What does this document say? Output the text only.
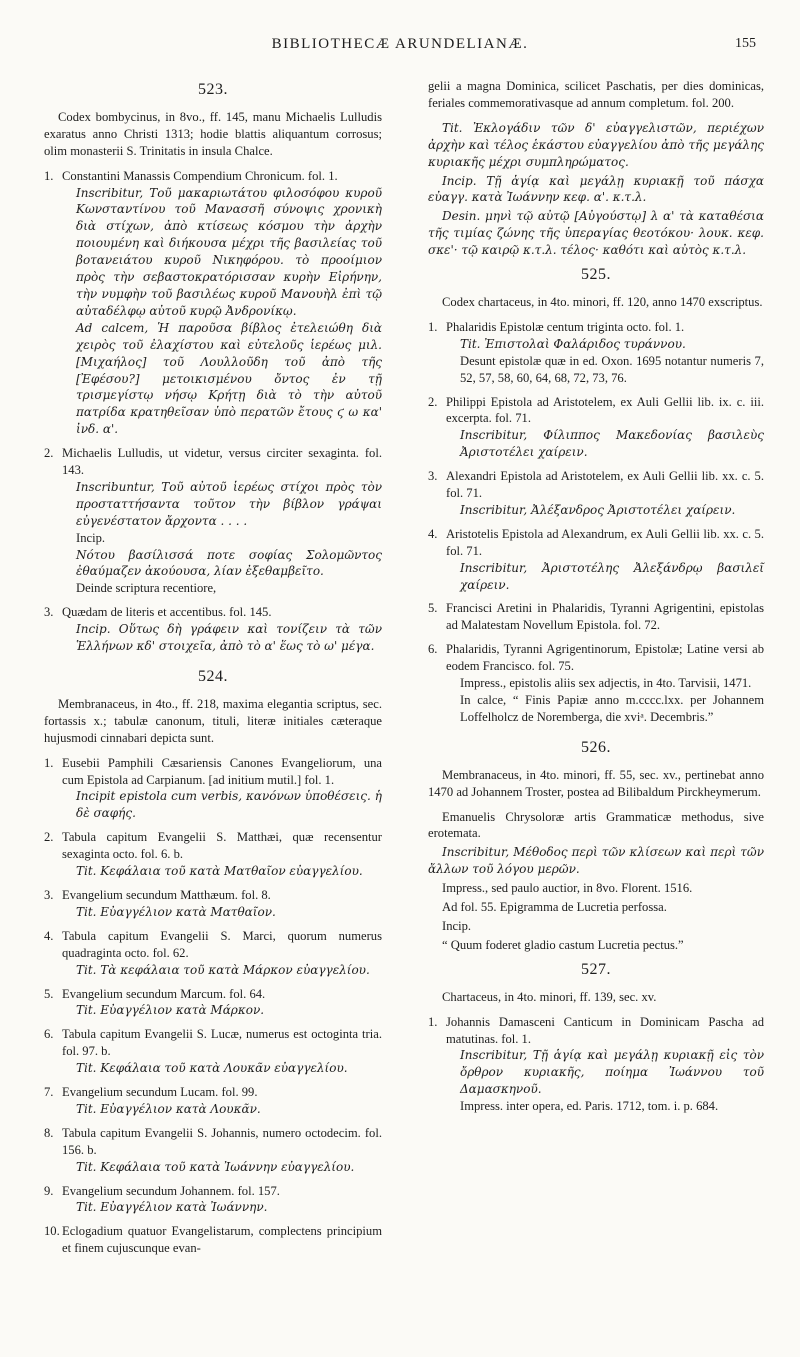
BIBLIOTHECÆ ARUNDELIANÆ.	155
523.

Codex bombycinus, in 8vo., ff. 145, manu Michaelis Lulludis exaratus anno Christi 1313; hodie blattis aliquantum corrosus; olim monasterii S. Trinitatis in insula Chalce.

1. Constantini Manassis Compendium Chronicum. fol. 1.
Inscribitur, Τοῦ μακαριωτάτου φιλοσόφου κυροῦ Κωνσταντίνου τοῦ Μανασσῆ σύνοψις χρονικὴ διὰ στίχων, ἀπὸ κτίσεως κόσμου τὴν ἀρχὴν ποιουμένη καὶ διήκουσα μέχρι τῆς βασιλείας τοῦ βοτανειάτου κυροῦ Νικηφόρου. τὸ προοίμιον πρὸς τὴν σεβαστοκρατόρισσαν κυρὴν Εἰρήνην, τὴν νυμφὴν τοῦ βασιλέως κυροῦ Μανουὴλ ἐπὶ τῷ αὐταδέλφῳ αὐτοῦ κυρῷ Ἀνδρονίκῳ.
Ad calcem, Ἡ παροῦσα βίβλος ἐτελειώθη διὰ χειρὸς τοῦ ἐλαχίστου καὶ εὐτελοῦς ἱερέως μιλ. [Μιχαήλος] τοῦ Λουλλοῦδη τοῦ ἀπὸ τῆς [Ἐφέσου?] μετοικισμένου ὄντος ἐν τῇ τρισμεγίστῳ νήσῳ Κρήτῃ διὰ τὸ τὴν αὐτοῦ πατρίδα κρατηθεῖσαν ὑπὸ περατῶν ἔτους ϛ ω κα' ἰνδ. α'.
2. Michaelis Lulludis, ut videtur, versus circiter sexaginta. fol. 143.
Inscribuntur, Τοῦ αὐτοῦ ἱερέως στίχοι πρὸς τὸν προσταττήσαντα τοῦτον τὴν βίβλον γράψαι εὐγενέστατον ἄρχοντα . . . .
Incip.
Νότου βασίλισσά ποτε σοφίας Σολομῶντος ἐθαύμαζεν ἀκούουσα, λίαν ἐξεθαμβεῖτο.
Deinde scriptura recentiore,
3. Quædam de literis et accentibus. fol. 145.
Incip. Οὕτως δὴ γράφειν καὶ τονίζειν τὰ τῶν Ἑλλήνων κδ' στοιχεῖα, ἀπὸ τὸ α' ἕως τὸ ω' μέγα.
524.

Membranaceus, in 4to., ff. 218, maxima elegantia scriptus, sec. fortassis x.; tabulæ canonum, tituli, literæ initiales cæteraque hujusmodi cinnabari depicta sunt.

1. Eusebii Pamphili Cæsariensis Canones Evangeliorum, una cum Epistola ad Carpianum. [ad initium mutil.] fol. 1.
Incipit epistola cum verbis, κανόνων ὑποθέσεις. ἡ δὲ σαφής.
2. Tabula capitum Evangelii S. Matthæi, quæ recensentur sexaginta octo. fol. 6. b.
Tit. Κεφάλαια τοῦ κατὰ Ματθαῖον εὐαγγελίου.
3. Evangelium secundum Matthæum. fol. 8.
Tit. Εὐαγγέλιον κατὰ Ματθαῖον.
4. Tabula capitum Evangelii S. Marci, quorum numerus quadraginta octo. fol. 62.
Tit. Τὰ κεφάλαια τοῦ κατὰ Μάρκον εὐαγγελίου.
5. Evangelium secundum Marcum. fol. 64.
Tit. Εὐαγγέλιον κατὰ Μάρκον.
6. Tabula capitum Evangelii S. Lucæ, numerus est octoginta tria. fol. 97. b.
Tit. Κεφάλαια τοῦ κατὰ Λουκᾶν εὐαγγελίου.
7. Evangelium secundum Lucam. fol. 99.
Tit. Εὐαγγέλιον κατὰ Λουκᾶν.
8. Tabula capitum Evangelii S. Johannis, numero octodecim. fol. 156. b.
Tit. Κεφάλαια τοῦ κατὰ Ἰωάννην εὐαγγελίου.
9. Evangelium secundum Johannem. fol. 157.
Tit. Εὐαγγέλιον κατὰ Ἰωάννην.
10. Eclogadium quatuor Evangelistarum, complectens principium et finem cujuscunque evan-

gelii a magna Dominica, scilicet Paschatis, per dies dominicas, feriales commemorativasque ad annum completum. fol. 200.

Tit. Ἐκλογάδιν τῶν δ' εὐαγγελιστῶν, περιέχων ἀρχὴν καὶ τέλος ἑκάστου εὐαγγελίου ἀπὸ τῆς μεγάλης κυριακῆς μέχρι συμπληρώματος.

Incip. Τῇ ἁγίᾳ καὶ μεγάλῃ κυριακῇ τοῦ πάσχα εὐαγγ. κατὰ Ἰωάννην κεφ. α'. κ.τ.λ.

Desin. μηνὶ τῷ αὐτῷ [Αὐγούστῳ] λ α' τὰ καταθέσια τῆς τιμίας ζώνης τῆς ὑπεραγίας θεοτόκου· λουκ. κεφ. σκε'· τῷ καιρῷ κ.τ.λ. τέλος· καθότι καὶ αὐτὸς κ.τ.λ.

525.

Codex chartaceus, in 4to. minori, ff. 120, anno 1470 exscriptus.

1. Phalaridis Epistolæ centum triginta octo. fol. 1.
Tit. Ἐπιστολαὶ Φαλάριδος τυράννου.
Desunt epistolæ quæ in ed. Oxon. 1695 notantur numeris 7, 52, 57, 58, 60, 64, 68, 72, 73, 76.
2. Philippi Epistola ad Aristotelem, ex Auli Gellii lib. ix. c. iii. excerpta. fol. 71.
Inscribitur, Φίλιππος Μακεδονίας βασιλεὺς Ἀριστοτέλει χαίρειν.
3. Alexandri Epistola ad Aristotelem, ex Auli Gellii lib. xx. c. 5. fol. 71.
Inscribitur, Ἀλέξανδρος Ἀριστοτέλει χαίρειν.
4. Aristotelis Epistola ad Alexandrum, ex Auli Gellii lib. xx. c. 5. fol. 71.
Inscribitur, Ἀριστοτέλης Ἀλεξάνδρῳ βασιλεῖ χαίρειν.
5. Francisci Aretini in Phalaridis, Tyranni Agrigentini, epistolas ad Malatestam Novellum Epistola. fol. 72.
6. Phalaridis, Tyranni Agrigentinorum, Epistolæ; Latine versi ab eodem Francisco. fol. 75.
Impress., epistolis aliis sex adjectis, in 4to. Tarvisii, 1471.
In calce, “ Finis Papiæ anno m.cccc.lxx. per Johannem Loffelholcz de Noremberga, die xviᵃ. Decembris.”
526.

Membranaceus, in 4to. minori, ff. 55, sec. xv., pertinebat anno 1470 ad Johannem Troster, postea ad Bilibaldum Pirckheymerum.

Emanuelis Chrysoloræ artis Grammaticæ methodus, sive erotemata.

Inscribitur, Μέθοδος περὶ τῶν κλίσεων καὶ περὶ τῶν ἄλλων τοῦ λόγου μερῶν.

Impress., sed paulo auctior, in 8vo. Florent. 1516.

Ad fol. 55. Epigramma de Lucretia perfossa.

Incip.

“ Quum foderet gladio castum Lucretia pectus.”

527.

Chartaceus, in 4to. minori, ff. 139, sec. xv.

1. Johannis Damasceni Canticum in Dominicam Pascha ad matutinas. fol. 1.
Inscribitur, Τῇ ἁγίᾳ καὶ μεγάλῃ κυριακῇ εἰς τὸν ὄρθρον κυριακῆς, ποίημα Ἰωάννου τοῦ Δαμασκηνοῦ.
Impress. inter opera, ed. Paris. 1712, tom. i. p. 684.
